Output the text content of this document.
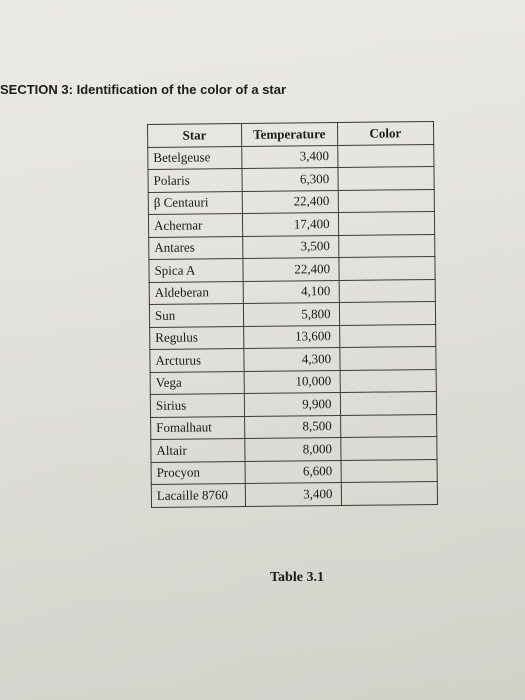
SECTION 3: Identification of the color of a star
Star	Temperature	Color
Betelgeuse	3,400	
Polaris	6,300	
β Centauri	22,400	
Achernar	17,400	
Antares	3,500	
Spica A	22,400	
Aldeberan	4,100	
Sun	5,800	
Regulus	13,600	
Arcturus	4,300	
Vega	10,000	
Sirius	9,900	
Fomalhaut	8,500	
Altair	8,000	
Procyon	6,600	
Lacaille 8760	3,400	
Table 3.1
